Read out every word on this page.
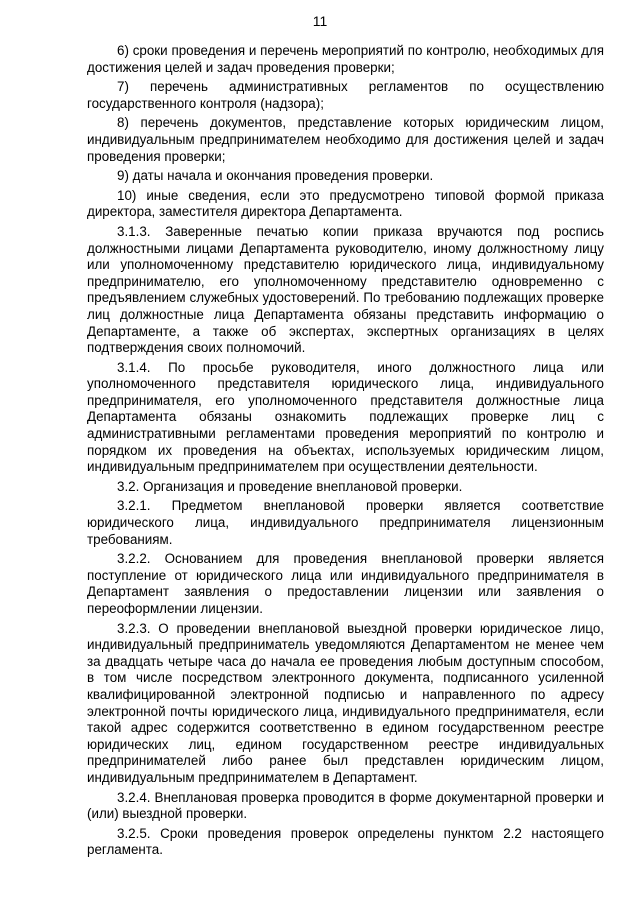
11

6) сроки проведения и перечень мероприятий по контролю, необходимых для достижения целей и задач проведения проверки;

7) перечень административных регламентов по осуществлению государственного контроля (надзора);

8) перечень документов, представление которых юридическим лицом, индивидуальным предпринимателем необходимо для достижения целей и задач проведения проверки;

9) даты начала и окончания проведения проверки.

10) иные сведения, если это предусмотрено типовой формой приказа директора, заместителя директора Департамента.

3.1.3. Заверенные печатью копии приказа вручаются под роспись должностными лицами Департамента руководителю, иному должностному лицу или уполномоченному представителю юридического лица, индивидуальному предпринимателю, его уполномоченному представителю одновременно с предъявлением служебных удостоверений. По требованию подлежащих проверке лиц должностные лица Департамента обязаны представить информацию о Департаменте, а также об экспертах, экспертных организациях в целях подтверждения своих полномочий.

3.1.4. По просьбе руководителя, иного должностного лица или уполномоченного представителя юридического лица, индивидуального предпринимателя, его уполномоченного представителя должностные лица Департамента обязаны ознакомить подлежащих проверке лиц с административными регламентами проведения мероприятий по контролю и порядком их проведения на объектах, используемых юридическим лицом, индивидуальным предпринимателем при осуществлении деятельности.

3.2. Организация и проведение внеплановой проверки.

3.2.1. Предметом внеплановой проверки является соответствие юридического лица, индивидуального предпринимателя лицензионным требованиям.

3.2.2. Основанием для проведения внеплановой проверки является поступление от юридического лица или индивидуального предпринимателя в Департамент заявления о предоставлении лицензии или заявления о переоформлении лицензии.

3.2.3. О проведении внеплановой выездной проверки юридическое лицо, индивидуальный предприниматель уведомляются Департаментом не менее чем за двадцать четыре часа до начала ее проведения любым доступным способом, в том числе посредством электронного документа, подписанного усиленной квалифицированной электронной подписью и направленного по адресу электронной почты юридического лица, индивидуального предпринимателя, если такой адрес содержится соответственно в едином государственном реестре юридических лиц, едином государственном реестре индивидуальных предпринимателей либо ранее был представлен юридическим лицом, индивидуальным предпринимателем в Департамент.

3.2.4. Внеплановая проверка проводится в форме документарной проверки и (или) выездной проверки.

3.2.5. Сроки проведения проверок определены пунктом 2.2 настоящего регламента.
